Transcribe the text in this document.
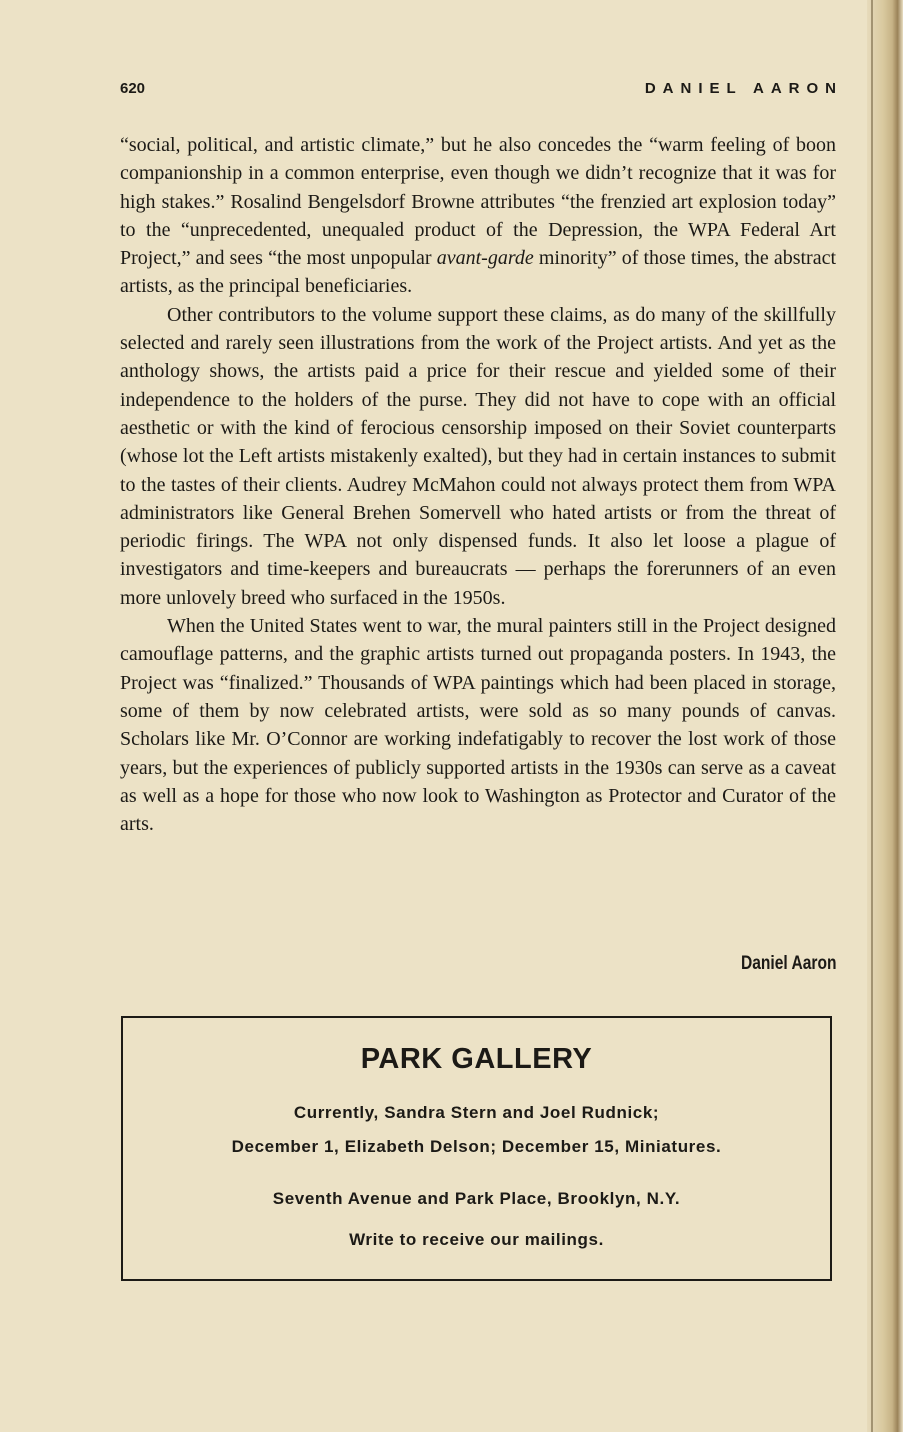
620	DANIEL AARON

“social, political, and artistic climate,” but he also concedes the “warm feeling of boon companionship in a common enterprise, even though we didn’t recognize that it was for high stakes.” Rosalind Bengelsdorf Browne attributes “the frenzied art explosion today” to the “unprecedented, unequaled product of the Depression, the WPA Federal Art Project,” and sees “the most unpopular avant-garde minority” of those times, the abstract artists, as the principal beneficiaries.

Other contributors to the volume support these claims, as do many of the skillfully selected and rarely seen illustrations from the work of the Project artists. And yet as the anthology shows, the artists paid a price for their rescue and yielded some of their independence to the holders of the purse. They did not have to cope with an official aesthetic or with the kind of ferocious censorship imposed on their Soviet counterparts (whose lot the Left artists mistakenly exalted), but they had in certain instances to submit to the tastes of their clients. Audrey McMahon could not always protect them from WPA administrators like General Brehen Somervell who hated artists or from the threat of periodic firings. The WPA not only dispensed funds. It also let loose a plague of investigators and time-keepers and bureaucrats — perhaps the forerunners of an even more unlovely breed who surfaced in the 1950s.

When the United States went to war, the mural painters still in the Project designed camouflage patterns, and the graphic artists turned out propaganda posters. In 1943, the Project was “finalized.” Thousands of WPA paintings which had been placed in storage, some of them by now celebrated artists, were sold as so many pounds of canvas. Scholars like Mr. O’Connor are working indefatigably to recover the lost work of those years, but the experiences of publicly supported artists in the 1930s can serve as a caveat as well as a hope for those who now look to Washington as Protector and Curator of the arts.

Daniel Aaron
PARK GALLERY
Currently, Sandra Stern and Joel Rudnick;
December 1, Elizabeth Delson; December 15, Miniatures.
Seventh Avenue and Park Place, Brooklyn, N.Y.
Write to receive our mailings.
